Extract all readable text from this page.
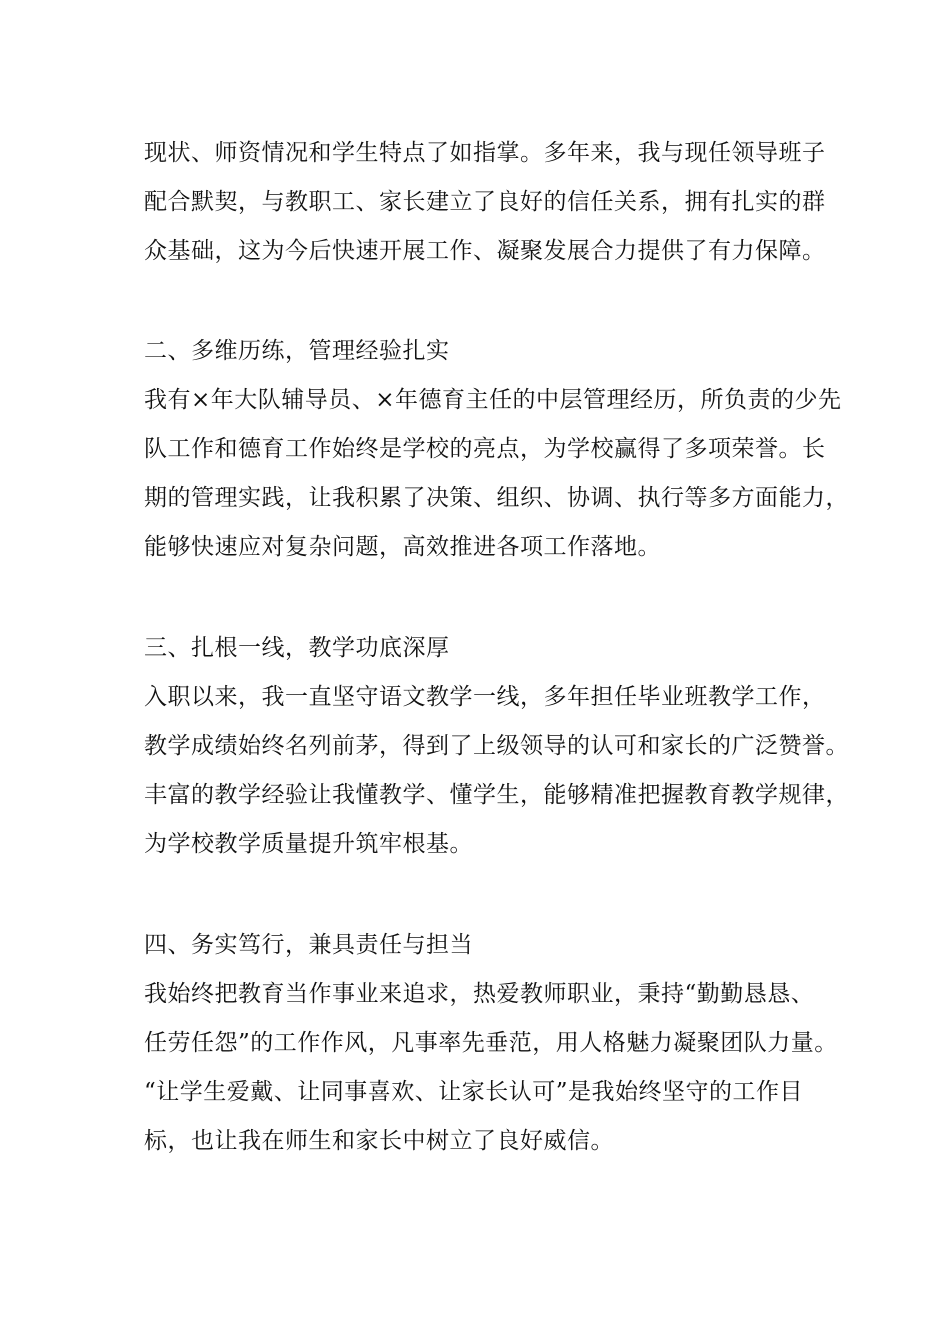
现状、师资情况和学生特点了如指掌。多年来，我与现任领导班子
配合默契，与教职工、家长建立了良好的信任关系，拥有扎实的群
众基础，这为今后快速开展工作、凝聚发展合力提供了有力保障。
二、多维历练，管理经验扎实
我有×年大队辅导员、×年德育主任的中层管理经历，所负责的少先
队工作和德育工作始终是学校的亮点，为学校赢得了多项荣誉。长
期的管理实践，让我积累了决策、组织、协调、执行等多方面能力，
能够快速应对复杂问题，高效推进各项工作落地。
三、扎根一线，教学功底深厚
入职以来，我一直坚守语文教学一线，多年担任毕业班教学工作，
教学成绩始终名列前茅，得到了上级领导的认可和家长的广泛赞誉。
丰富的教学经验让我懂教学、懂学生，能够精准把握教育教学规律，
为学校教学质量提升筑牢根基。
四、务实笃行，兼具责任与担当
我始终把教育当作事业来追求，热爱教师职业，秉持“勤勤恳恳、
任劳任怨”的工作作风，凡事率先垂范，用人格魅力凝聚团队力量。
“让学生爱戴、让同事喜欢、让家长认可”是我始终坚守的工作目
标，也让我在师生和家长中树立了良好威信。
